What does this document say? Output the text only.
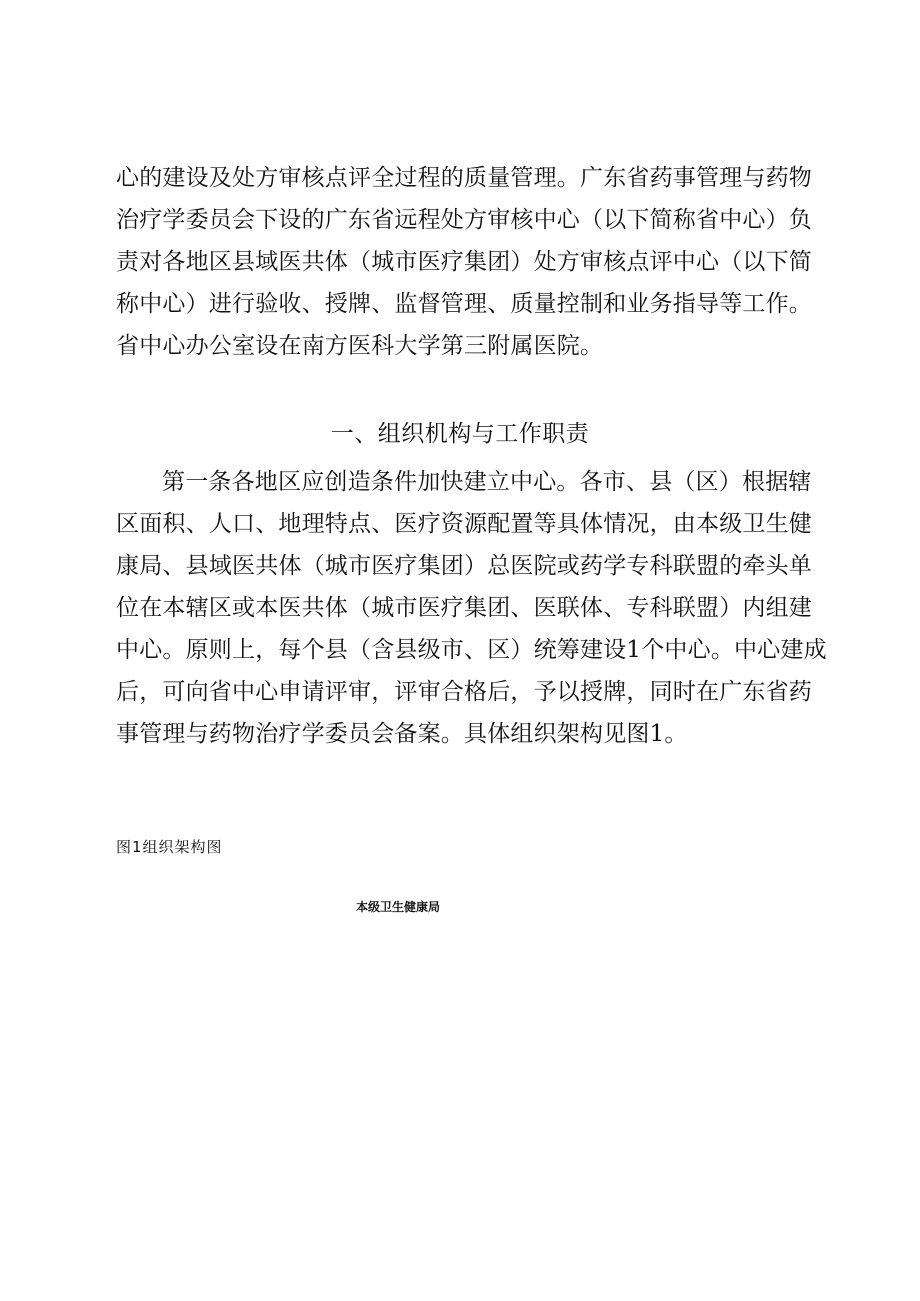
心的建设及处方审核点评全过程的质量管理。广东省药事管理与药物
治疗学委员会下设的广东省远程处方审核中心（以下简称省中心）负
责对各地区县域医共体（城市医疗集团）处方审核点评中心（以下简
称中心）进行验收、授牌、监督管理、质量控制和业务指导等工作。
省中心办公室设在南方医科大学第三附属医院。
一、组织机构与工作职责
第一条各地区应创造条件加快建立中心。各市、县（区）根据辖
区面积、人口、地理特点、医疗资源配置等具体情况，由本级卫生健
康局、县域医共体（城市医疗集团）总医院或药学专科联盟的牵头单
位在本辖区或本医共体（城市医疗集团、医联体、专科联盟）内组建
中心。原则上，每个县（含县级市、区）统筹建设1个中心。中心建成
后，可向省中心申请评审，评审合格后，予以授牌，同时在广东省药
事管理与药物治疗学委员会备案。具体组织架构见图1。
图1组织架构图
本级卫生健康局
